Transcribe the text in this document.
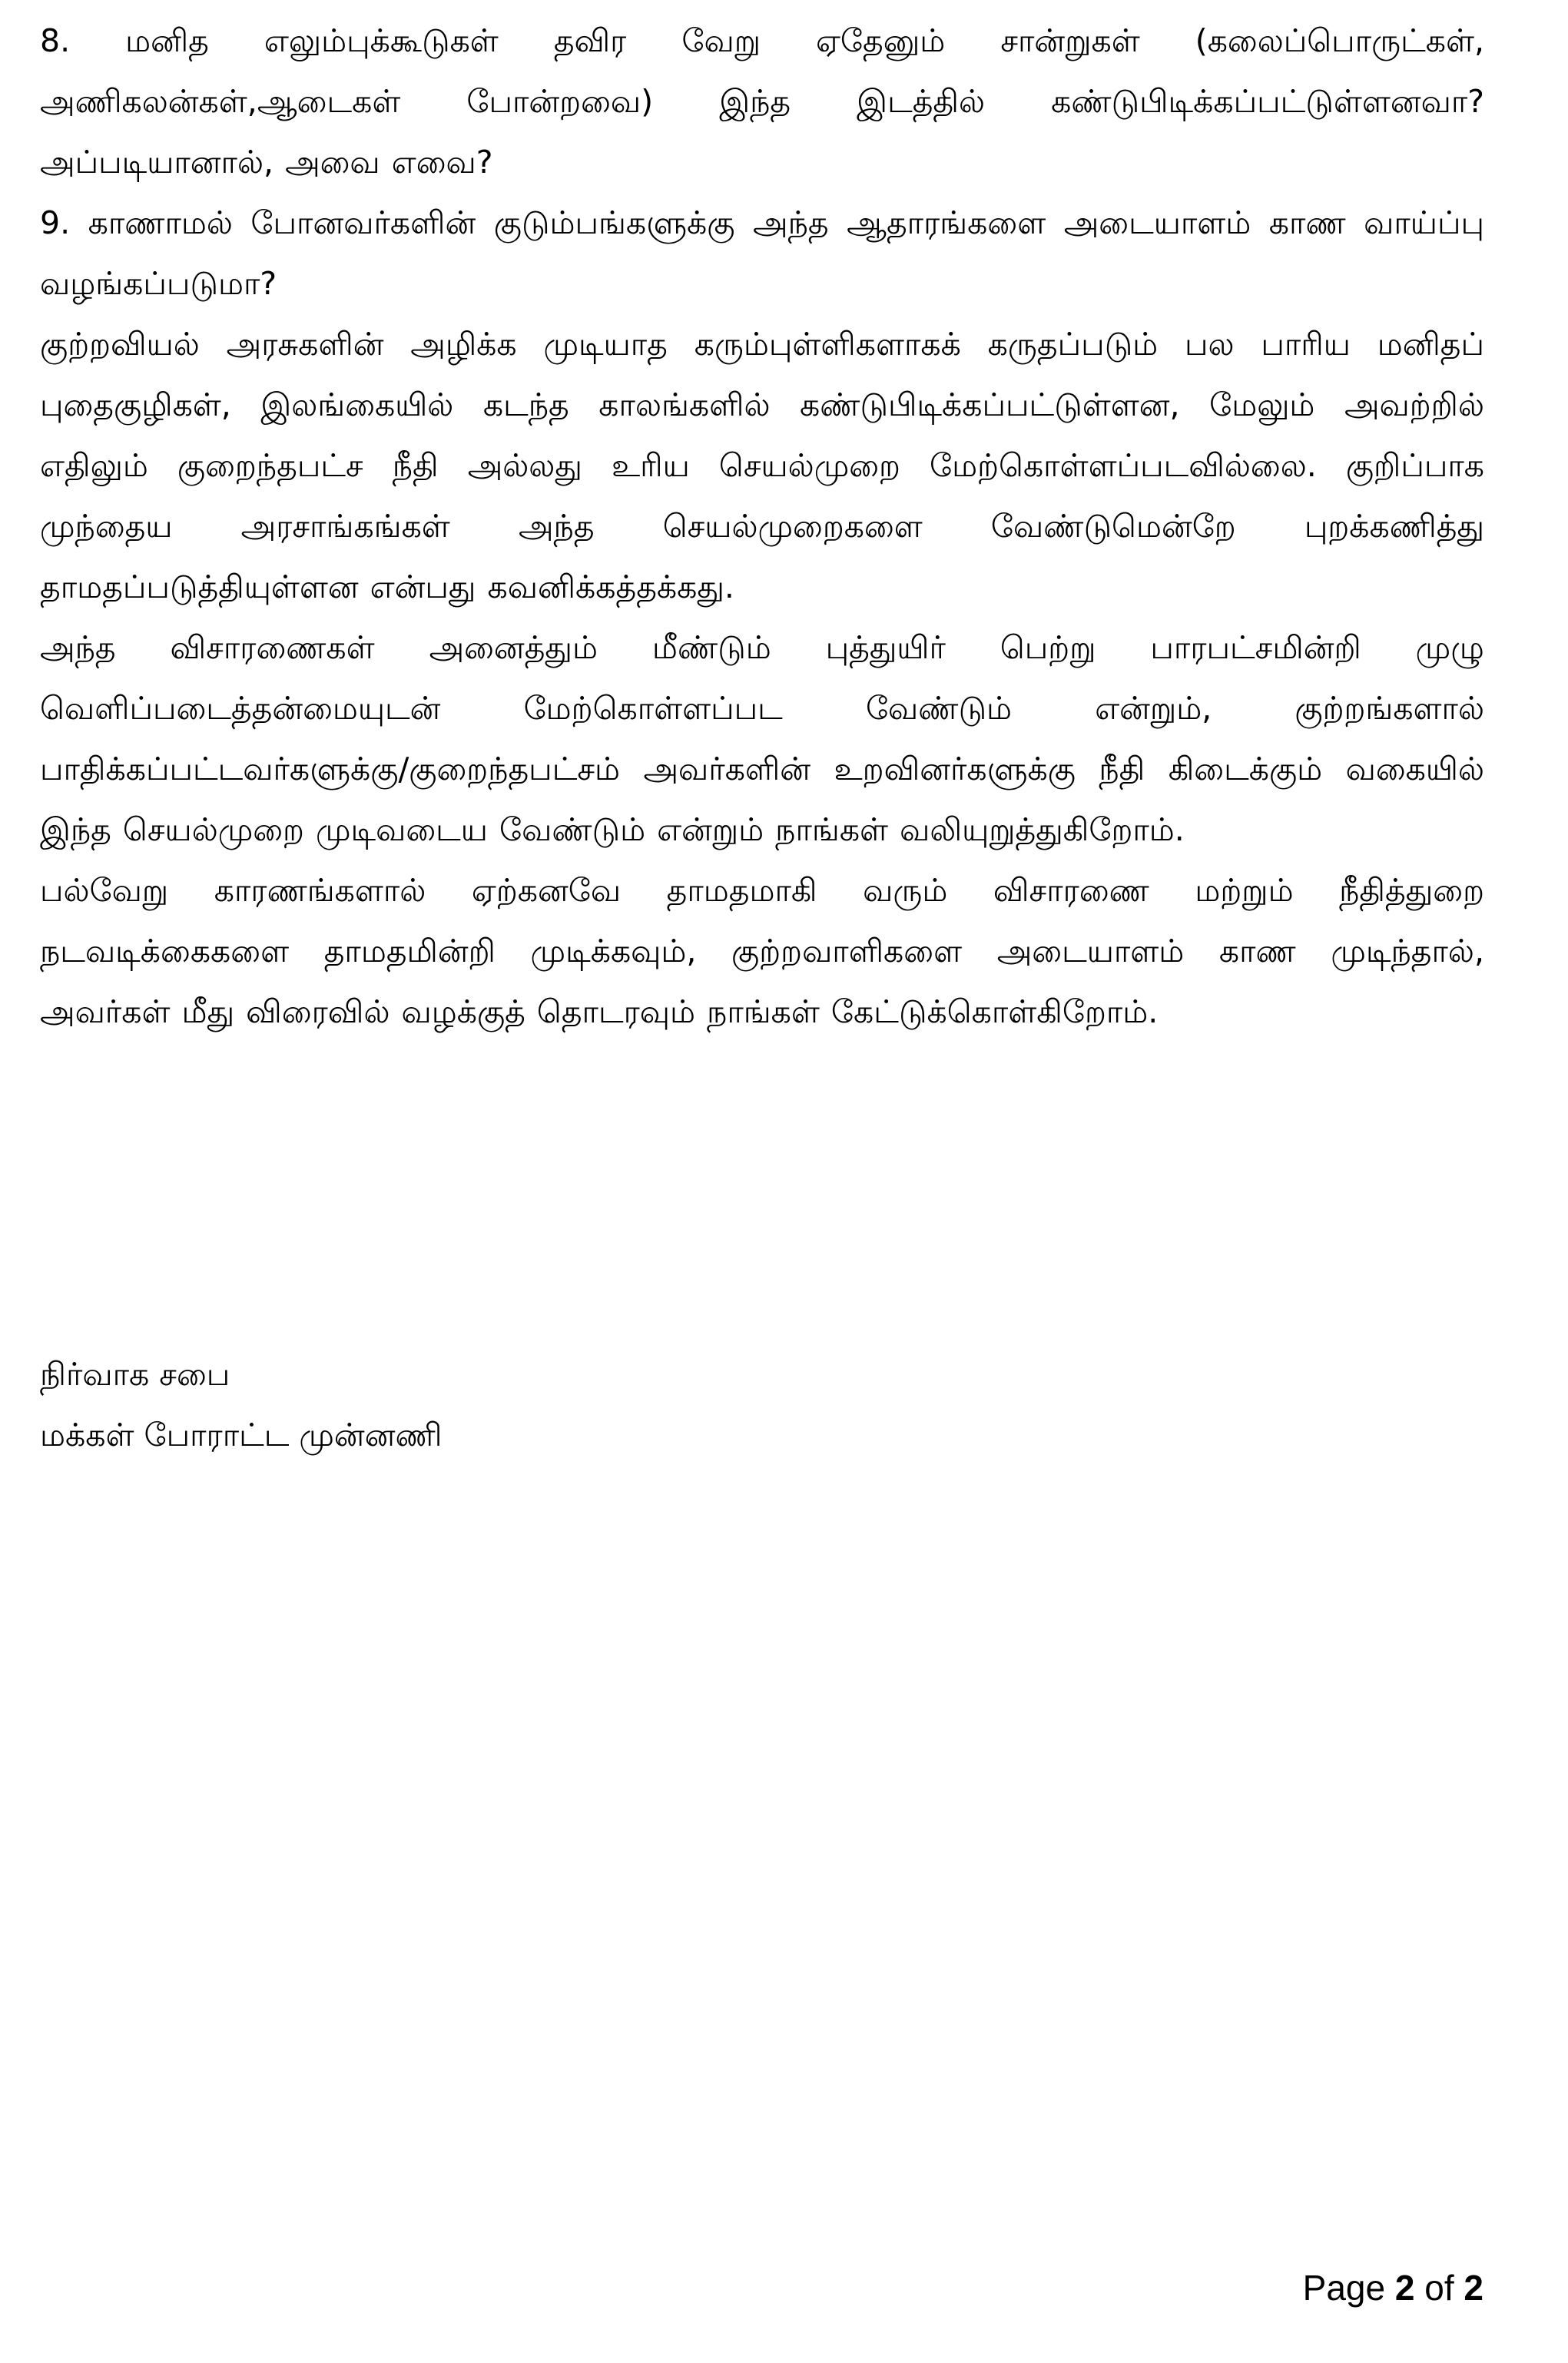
8. மனித எலும்புக்கூடுகள் தவிர வேறு ஏதேனும் சான்றுகள் (கலைப்பொருட்கள், அணிகலன்கள்,ஆடைகள் போன்றவை) இந்த இடத்தில் கண்டுபிடிக்கப்பட்டுள்ளனவா? அப்படியானால், அவை எவை?

9. காணாமல் போனவர்களின் குடும்பங்களுக்கு அந்த ஆதாரங்களை அடையாளம் காண வாய்ப்பு வழங்கப்படுமா?

குற்றவியல் அரசுகளின் அழிக்க முடியாத கரும்புள்ளிகளாகக் கருதப்படும் பல பாரிய மனிதப் புதைகுழிகள், இலங்கையில் கடந்த காலங்களில் கண்டுபிடிக்கப்பட்டுள்ளன, மேலும் அவற்றில் எதிலும் குறைந்தபட்ச நீதி அல்லது உரிய செயல்முறை மேற்கொள்ளப்படவில்லை. குறிப்பாக முந்தைய அரசாங்கங்கள் அந்த செயல்முறைகளை வேண்டுமென்றே புறக்கணித்து தாமதப்படுத்தியுள்ளன என்பது கவனிக்கத்தக்கது.

அந்த விசாரணைகள் அனைத்தும் மீண்டும் புத்துயிர் பெற்று பாரபட்சமின்றி முழு வெளிப்படைத்தன்மையுடன் மேற்கொள்ளப்பட வேண்டும் என்றும், குற்றங்களால் பாதிக்கப்பட்டவர்களுக்கு/குறைந்தபட்சம் அவர்களின் உறவினர்களுக்கு நீதி கிடைக்கும் வகையில் இந்த செயல்முறை முடிவடைய வேண்டும் என்றும் நாங்கள் வலியுறுத்துகிறோம்.

பல்வேறு காரணங்களால் ஏற்கனவே தாமதமாகி வரும் விசாரணை மற்றும் நீதித்துறை நடவடிக்கைகளை தாமதமின்றி முடிக்கவும், குற்றவாளிகளை அடையாளம் காண முடிந்தால், அவர்கள் மீது விரைவில் வழக்குத் தொடரவும் நாங்கள் கேட்டுக்கொள்கிறோம்.

நிர்வாக சபை

மக்கள் போராட்ட முன்னணி

Page 2 of 2
